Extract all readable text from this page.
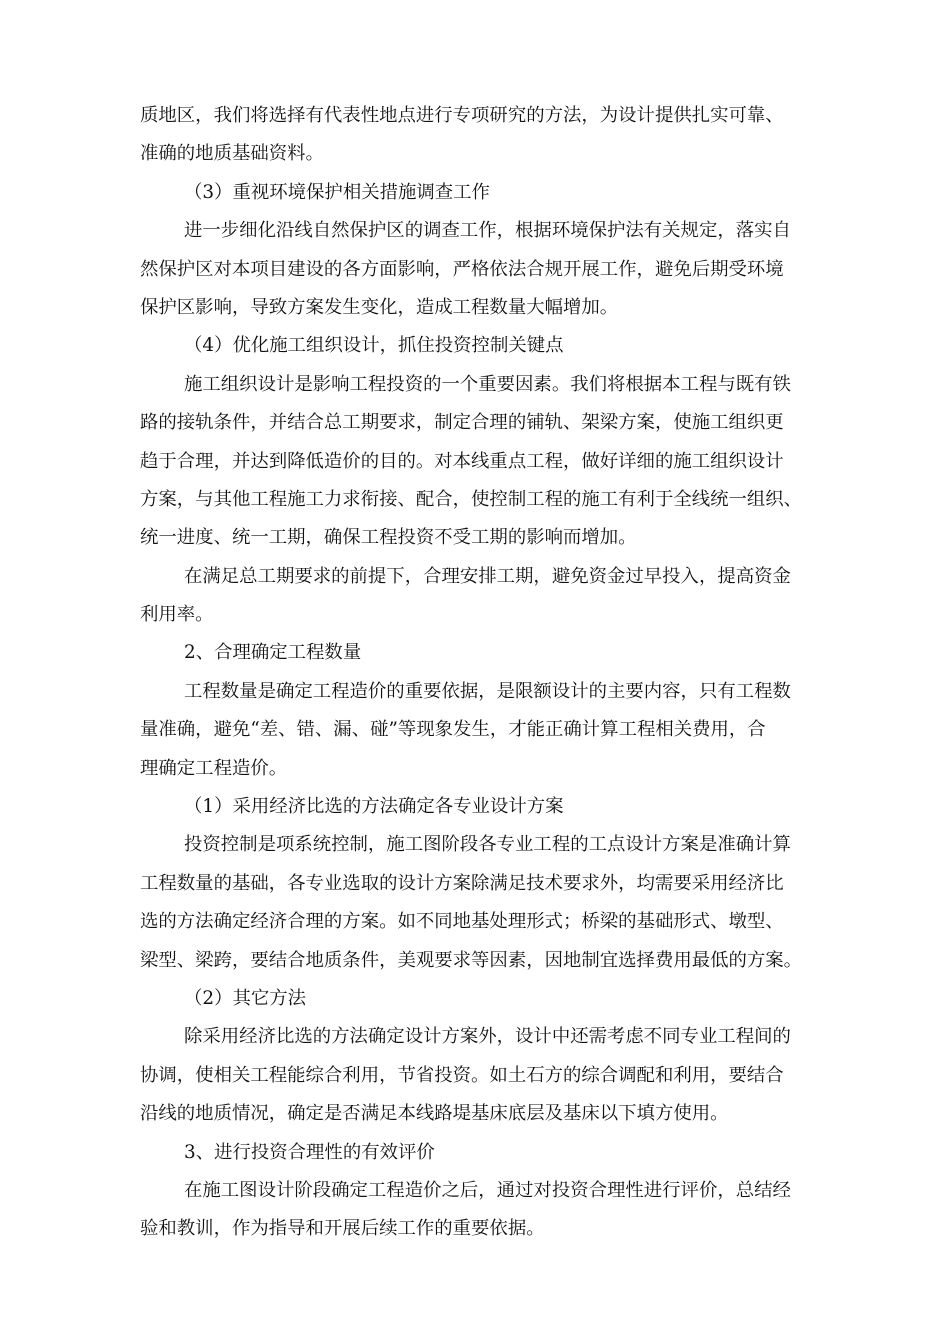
质地区，我们将选择有代表性地点进行专项研究的方法，为设计提供扎实可靠、
准确的地质基础资料。
（3）重视环境保护相关措施调查工作
进一步细化沿线自然保护区的调查工作，根据环境保护法有关规定，落实自
然保护区对本项目建设的各方面影响，严格依法合规开展工作，避免后期受环境
保护区影响，导致方案发生变化，造成工程数量大幅增加。
（4）优化施工组织设计，抓住投资控制关键点
施工组织设计是影响工程投资的一个重要因素。我们将根据本工程与既有铁
路的接轨条件，并结合总工期要求，制定合理的铺轨、架梁方案，使施工组织更
趋于合理，并达到降低造价的目的。对本线重点工程，做好详细的施工组织设计
方案，与其他工程施工力求衔接、配合，使控制工程的施工有利于全线统一组织、
统一进度、统一工期，确保工程投资不受工期的影响而增加。
在满足总工期要求的前提下，合理安排工期，避免资金过早投入，提高资金
利用率。
2、合理确定工程数量
工程数量是确定工程造价的重要依据，是限额设计的主要内容，只有工程数
量准确，避免“差、错、漏、碰”等现象发生，才能正确计算工程相关费用，合
理确定工程造价。
（1）采用经济比选的方法确定各专业设计方案
投资控制是项系统控制，施工图阶段各专业工程的工点设计方案是准确计算
工程数量的基础，各专业选取的设计方案除满足技术要求外，均需要采用经济比
选的方法确定经济合理的方案。如不同地基处理形式；桥梁的基础形式、墩型、
梁型、梁跨，要结合地质条件，美观要求等因素，因地制宜选择费用最低的方案。
（2）其它方法
除采用经济比选的方法确定设计方案外，设计中还需考虑不同专业工程间的
协调，使相关工程能综合利用，节省投资。如土石方的综合调配和利用，要结合
沿线的地质情况，确定是否满足本线路堤基床底层及基床以下填方使用。
3、进行投资合理性的有效评价
在施工图设计阶段确定工程造价之后，通过对投资合理性进行评价，总结经
验和教训，作为指导和开展后续工作的重要依据。
